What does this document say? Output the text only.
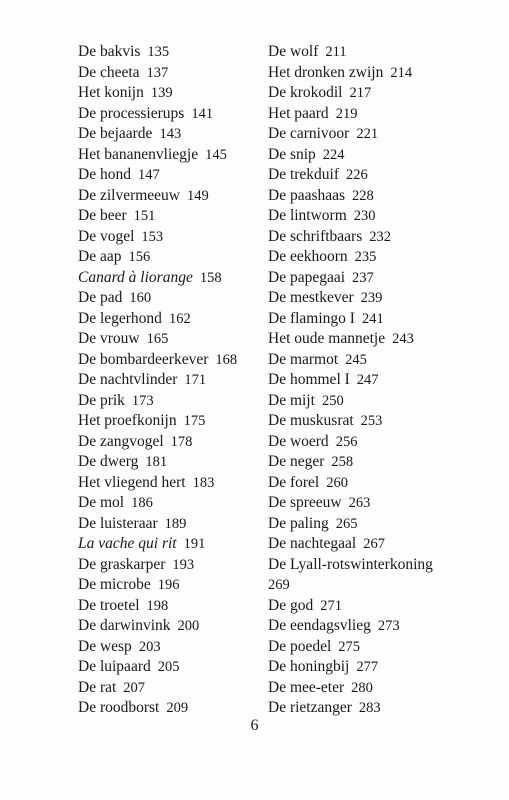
De bakvis 135
De cheeta 137
Het konijn 139
De processierups 141
De bejaarde 143
Het bananenvliegje 145
De hond 147
De zilvermeeuw 149
De beer 151
De vogel 153
De aap 156
Canard à liorange 158
De pad 160
De legerhond 162
De vrouw 165
De bombardeerkever 168
De nachtvlinder 171
De prik 173
Het proefkonijn 175
De zangvogel 178
De dwerg 181
Het vliegend hert 183
De mol 186
De luisteraar 189
La vache qui rit 191
De graskarper 193
De microbe 196
De troetel 198
De darwinvink 200
De wesp 203
De luipaard 205
De rat 207
De roodborst 209
De wolf 211
Het dronken zwijn 214
De krokodil 217
Het paard 219
De carnivoor 221
De snip 224
De trekduif 226
De paashaas 228
De lintworm 230
De schriftbaars 232
De eekhoorn 235
De papegaai 237
De mestkever 239
De flamingo I 241
Het oude mannetje 243
De marmot 245
De hommel I 247
De mijt 250
De muskusrat 253
De woerd 256
De neger 258
De forel 260
De spreeuw 263
De paling 265
De nachtegaal 267
De Lyall-rotswinterkoning
269
De god 271
De eendagsvlieg 273
De poedel 275
De honingbij 277
De mee-eter 280
De rietzanger 283
6
